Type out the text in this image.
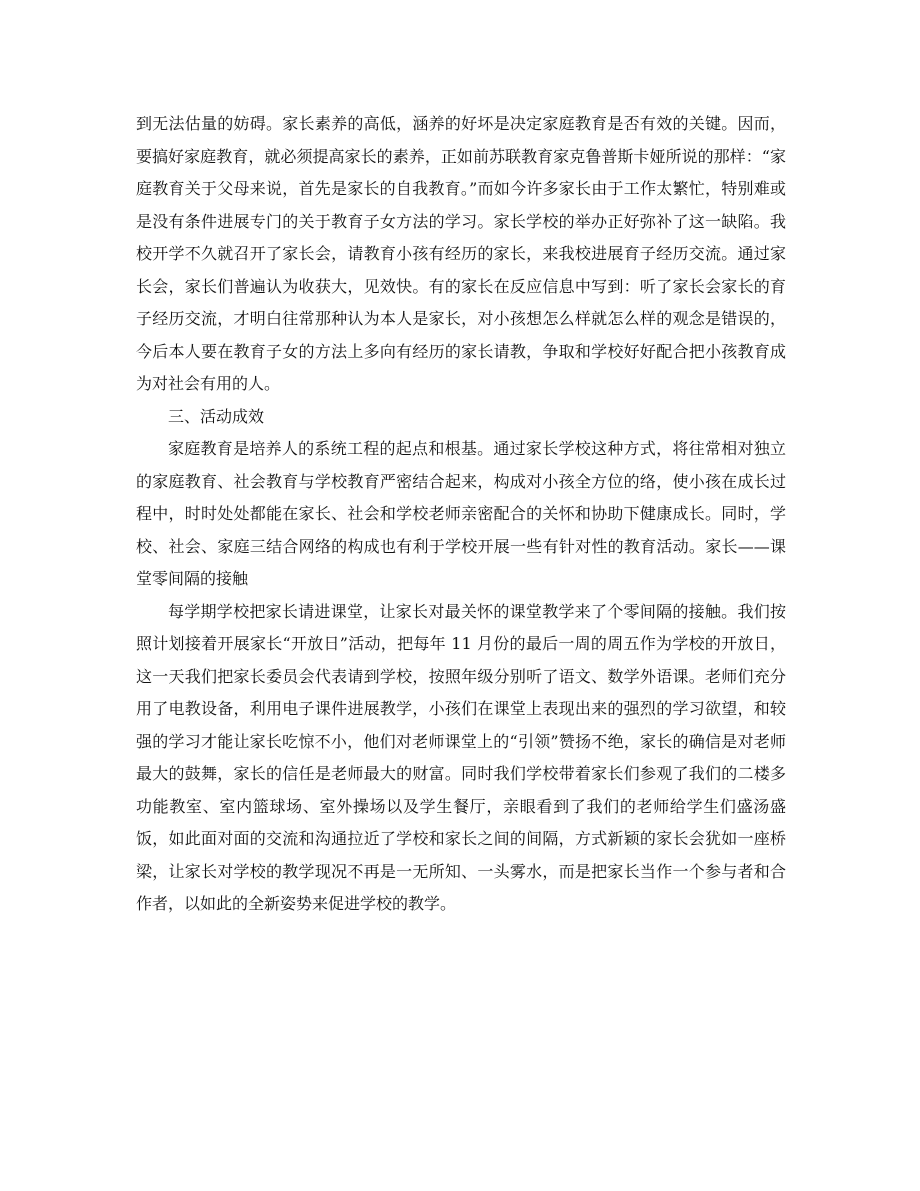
到无法估量的妨碍。家长素养的高低，涵养的好坏是决定家庭教育是否有效的关键。因而，要搞好家庭教育，就必须提高家长的素养，正如前苏联教育家克鲁普斯卡娅所说的那样：“家庭教育关于父母来说，首先是家长的自我教育。”而如今许多家长由于工作太繁忙，特别难或是没有条件进展专门的关于教育子女方法的学习。家长学校的举办正好弥补了这一缺陷。我校开学不久就召开了家长会，请教育小孩有经历的家长，来我校进展育子经历交流。通过家长会，家长们普遍认为收获大，见效快。有的家长在反应信息中写到：听了家长会家长的育子经历交流，才明白往常那种认为本人是家长，对小孩想怎么样就怎么样的观念是错误的，今后本人要在教育子女的方法上多向有经历的家长请教，争取和学校好好配合把小孩教育成为对社会有用的人。

三、活动成效

家庭教育是培养人的系统工程的起点和根基。通过家长学校这种方式，将往常相对独立的家庭教育、社会教育与学校教育严密结合起来，构成对小孩全方位的络，使小孩在成长过程中，时时处处都能在家长、社会和学校老师亲密配合的关怀和协助下健康成长。同时，学校、社会、家庭三结合网络的构成也有利于学校开展一些有针对性的教育活动。家长——课堂零间隔的接触

每学期学校把家长请进课堂，让家长对最关怀的课堂教学来了个零间隔的接触。我们按照计划接着开展家长“开放日”活动，把每年 11 月份的最后一周的周五作为学校的开放日，这一天我们把家长委员会代表请到学校，按照年级分别听了语文、数学外语课。老师们充分用了电教设备，利用电子课件进展教学，小孩们在课堂上表现出来的强烈的学习欲望，和较强的学习才能让家长吃惊不小，他们对老师课堂上的“引领”赞扬不绝，家长的确信是对老师最大的鼓舞，家长的信任是老师最大的财富。同时我们学校带着家长们参观了我们的二楼多功能教室、室内篮球场、室外操场以及学生餐厅，亲眼看到了我们的老师给学生们盛汤盛饭，如此面对面的交流和沟通拉近了学校和家长之间的间隔，方式新颖的家长会犹如一座桥梁，让家长对学校的教学现况不再是一无所知、一头雾水，而是把家长当作一个参与者和合作者，以如此的全新姿势来促进学校的教学。
